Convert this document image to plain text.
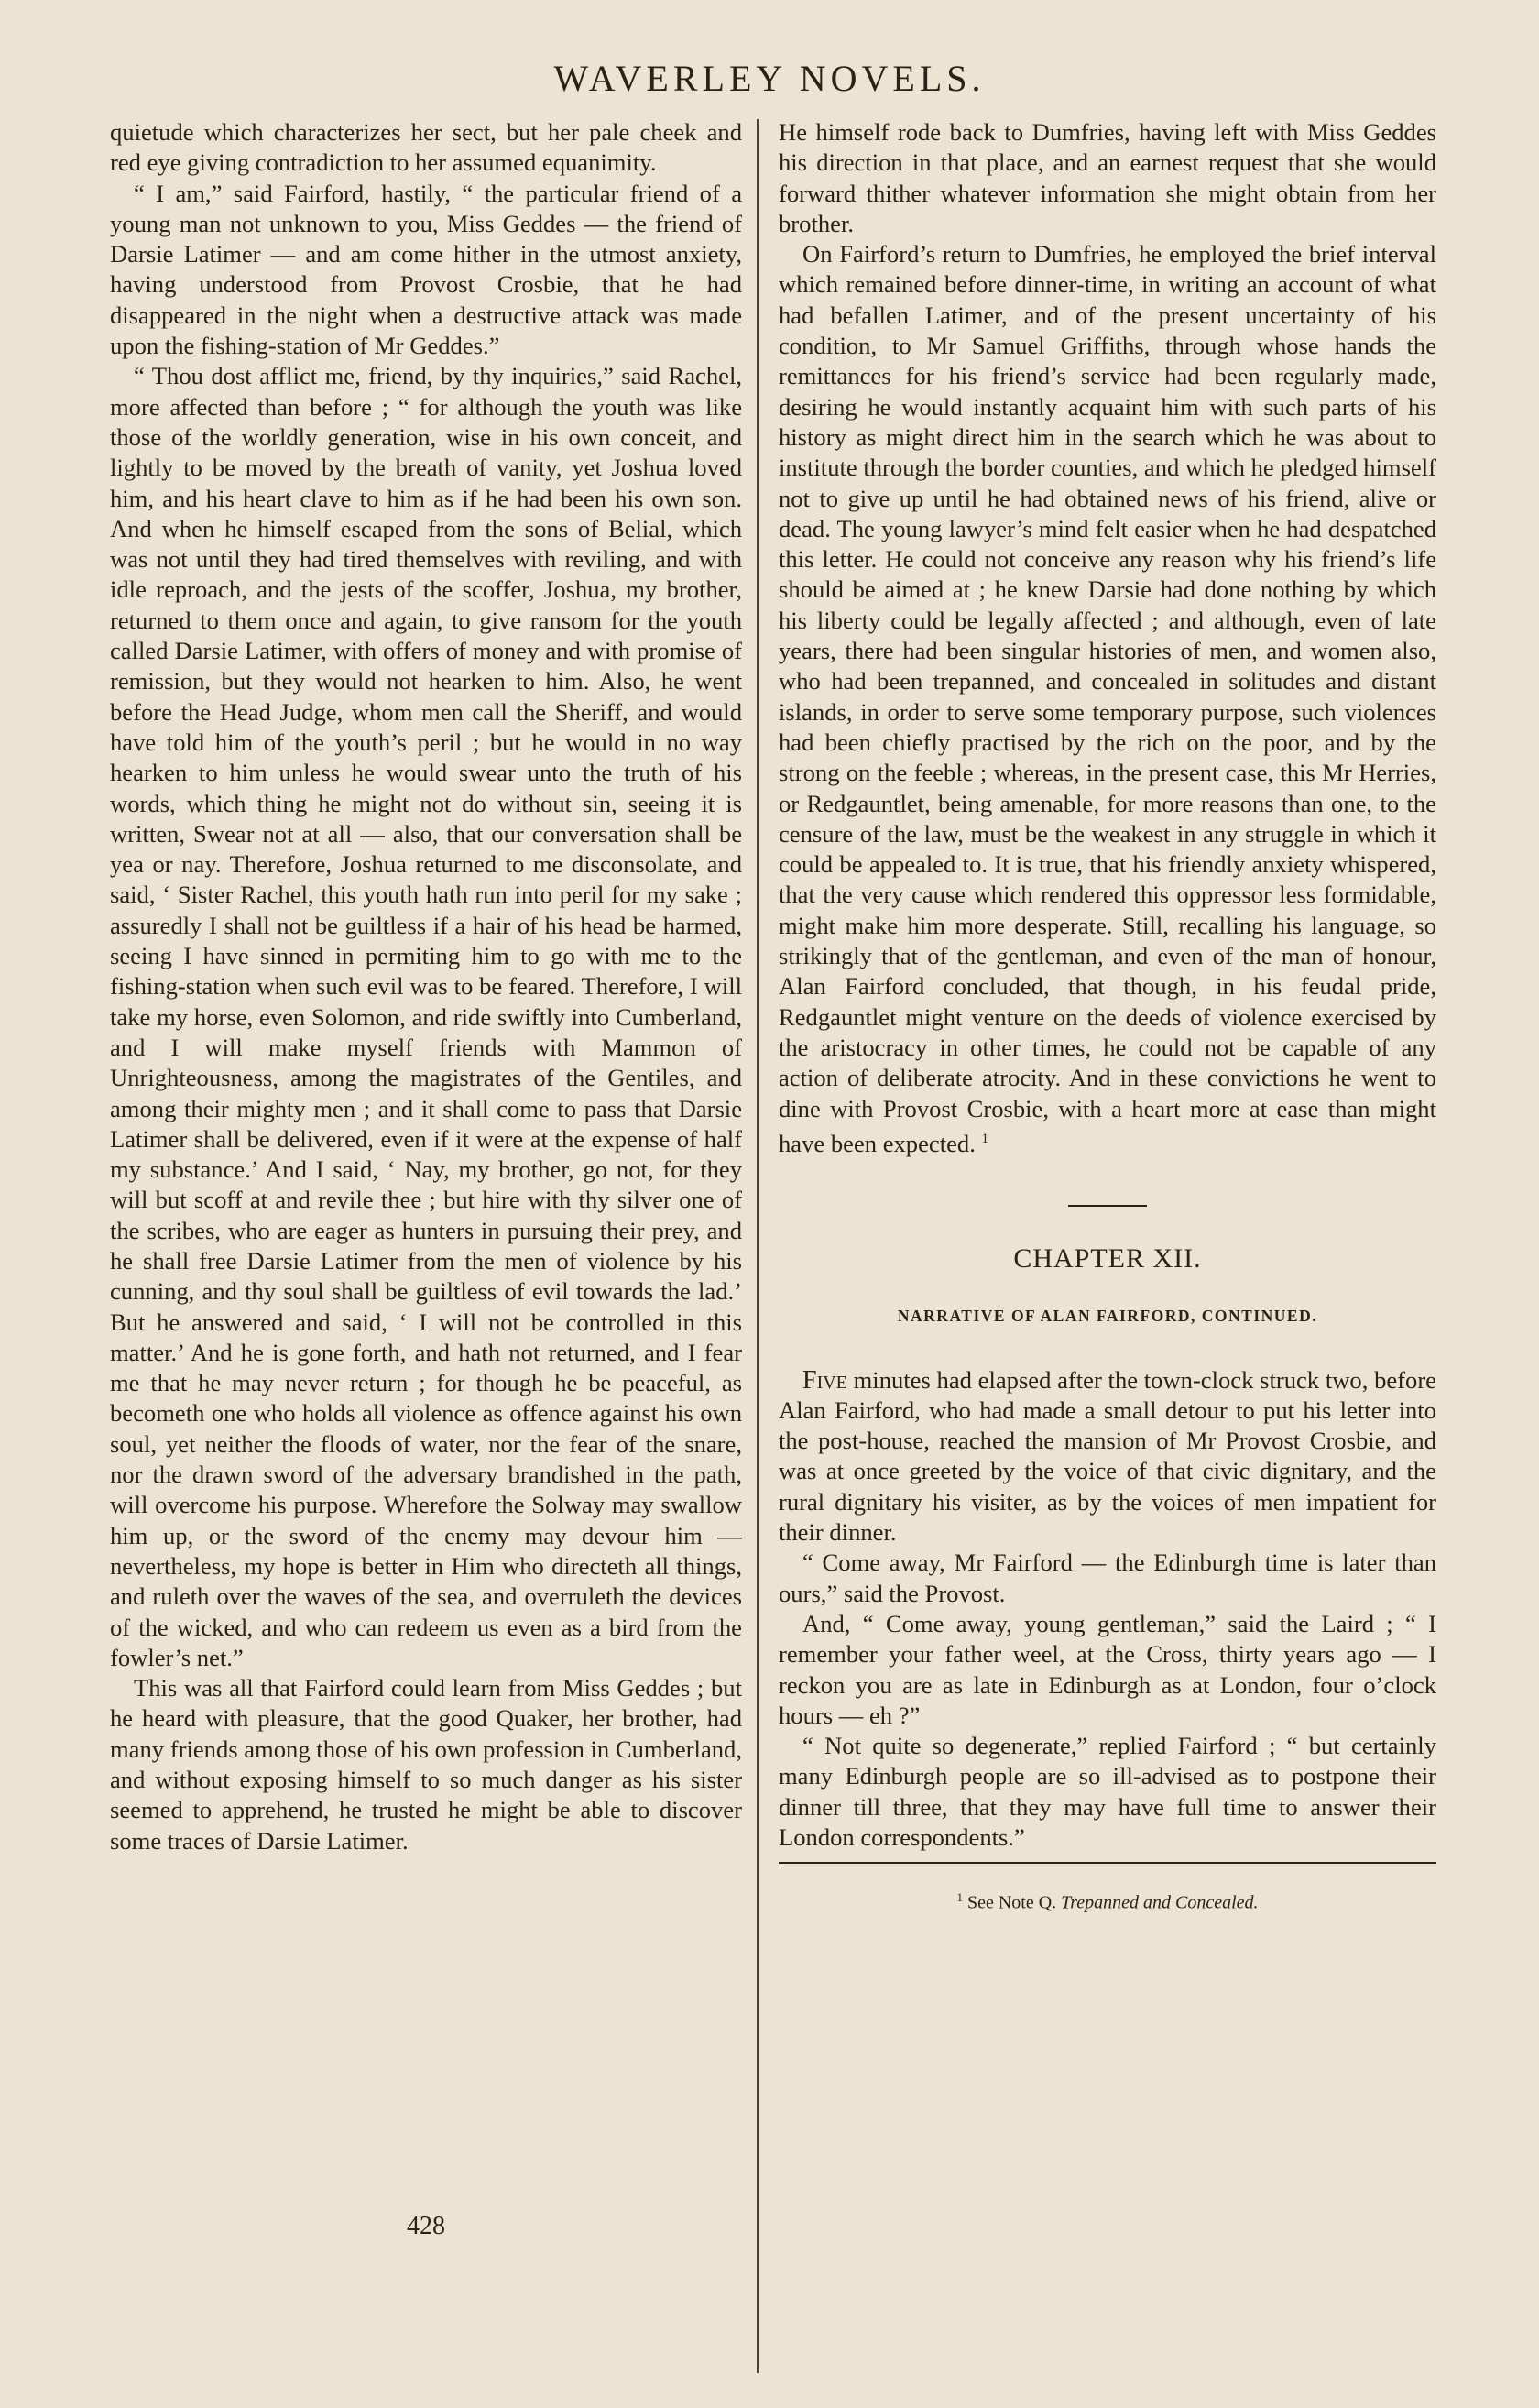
WAVERLEY NOVELS.

quietude which characterizes her sect, but her pale cheek and red eye giving contradiction to her assumed equanimity.

“ I am,” said Fairford, hastily, “ the particular friend of a young man not unknown to you, Miss Geddes — the friend of Darsie Latimer — and am come hither in the utmost anxiety, having understood from Provost Crosbie, that he had disappeared in the night when a destructive attack was made upon the fishing-station of Mr Geddes.”

“ Thou dost afflict me, friend, by thy inquiries,” said Rachel, more affected than before ; “ for although the youth was like those of the worldly generation, wise in his own conceit, and lightly to be moved by the breath of vanity, yet Joshua loved him, and his heart clave to him as if he had been his own son. And when he himself escaped from the sons of Belial, which was not until they had tired themselves with reviling, and with idle reproach, and the jests of the scoffer, Joshua, my brother, returned to them once and again, to give ransom for the youth called Darsie Latimer, with offers of money and with promise of remission, but they would not hearken to him. Also, he went before the Head Judge, whom men call the Sheriff, and would have told him of the youth’s peril ; but he would in no way hearken to him unless he would swear unto the truth of his words, which thing he might not do without sin, seeing it is written, Swear not at all — also, that our conversation shall be yea or nay. Therefore, Joshua returned to me disconsolate, and said, ‘ Sister Rachel, this youth hath run into peril for my sake ; assuredly I shall not be guiltless if a hair of his head be harmed, seeing I have sinned in permiting him to go with me to the fishing-station when such evil was to be feared. Therefore, I will take my horse, even Solomon, and ride swiftly into Cumberland, and I will make myself friends with Mammon of Unrighteousness, among the magistrates of the Gentiles, and among their mighty men ; and it shall come to pass that Darsie Latimer shall be delivered, even if it were at the expense of half my substance.’ And I said, ‘ Nay, my brother, go not, for they will but scoff at and revile thee ; but hire with thy silver one of the scribes, who are eager as hunters in pursuing their prey, and he shall free Darsie Latimer from the men of violence by his cunning, and thy soul shall be guiltless of evil towards the lad.’ But he answered and said, ‘ I will not be controlled in this matter.’ And he is gone forth, and hath not returned, and I fear me that he may never return ; for though he be peaceful, as becometh one who holds all violence as offence against his own soul, yet neither the floods of water, nor the fear of the snare, nor the drawn sword of the adversary brandished in the path, will overcome his purpose. Wherefore the Solway may swallow him up, or the sword of the enemy may devour him — nevertheless, my hope is better in Him who directeth all things, and ruleth over the waves of the sea, and overruleth the devices of the wicked, and who can redeem us even as a bird from the fowler’s net.”

This was all that Fairford could learn from Miss Geddes ; but he heard with pleasure, that the good Quaker, her brother, had many friends among those of his own profession in Cumberland, and without exposing himself to so much danger as his sister seemed to apprehend, he trusted he might be able to discover some traces of Darsie Latimer.

428

He himself rode back to Dumfries, having left with Miss Geddes his direction in that place, and an earnest request that she would forward thither whatever information she might obtain from her brother.

On Fairford’s return to Dumfries, he employed the brief interval which remained before dinner-time, in writing an account of what had befallen Latimer, and of the present uncertainty of his condition, to Mr Samuel Griffiths, through whose hands the remittances for his friend’s service had been regularly made, desiring he would instantly acquaint him with such parts of his history as might direct him in the search which he was about to institute through the border counties, and which he pledged himself not to give up until he had obtained news of his friend, alive or dead. The young lawyer’s mind felt easier when he had despatched this letter. He could not conceive any reason why his friend’s life should be aimed at ; he knew Darsie had done nothing by which his liberty could be legally affected ; and although, even of late years, there had been singular histories of men, and women also, who had been trepanned, and concealed in solitudes and distant islands, in order to serve some temporary purpose, such violences had been chiefly practised by the rich on the poor, and by the strong on the feeble ; whereas, in the present case, this Mr Herries, or Redgauntlet, being amenable, for more reasons than one, to the censure of the law, must be the weakest in any struggle in which it could be appealed to. It is true, that his friendly anxiety whispered, that the very cause which rendered this oppressor less formidable, might make him more desperate. Still, recalling his language, so strikingly that of the gentleman, and even of the man of honour, Alan Fairford concluded, that though, in his feudal pride, Redgauntlet might venture on the deeds of violence exercised by the aristocracy in other times, he could not be capable of any action of deliberate atrocity. And in these convictions he went to dine with Provost Crosbie, with a heart more at ease than might have been expected. $^1$

CHAPTER XII.
NARRATIVE OF ALAN FAIRFORD, CONTINUED.

Five minutes had elapsed after the town-clock struck two, before Alan Fairford, who had made a small detour to put his letter into the post-house, reached the mansion of Mr Provost Crosbie, and was at once greeted by the voice of that civic dignitary, and the rural dignitary his visiter, as by the voices of men impatient for their dinner.

“ Come away, Mr Fairford — the Edinburgh time is later than ours,” said the Provost.

And, “ Come away, young gentleman,” said the Laird ; “ I remember your father weel, at the Cross, thirty years ago — I reckon you are as late in Edinburgh as at London, four o’clock hours — eh ?”

“ Not quite so degenerate,” replied Fairford ; “ but certainly many Edinburgh people are so ill-advised as to postpone their dinner till three, that they may have full time to answer their London correspondents.”

$^1$ See Note Q. Trepanned and Concealed.
